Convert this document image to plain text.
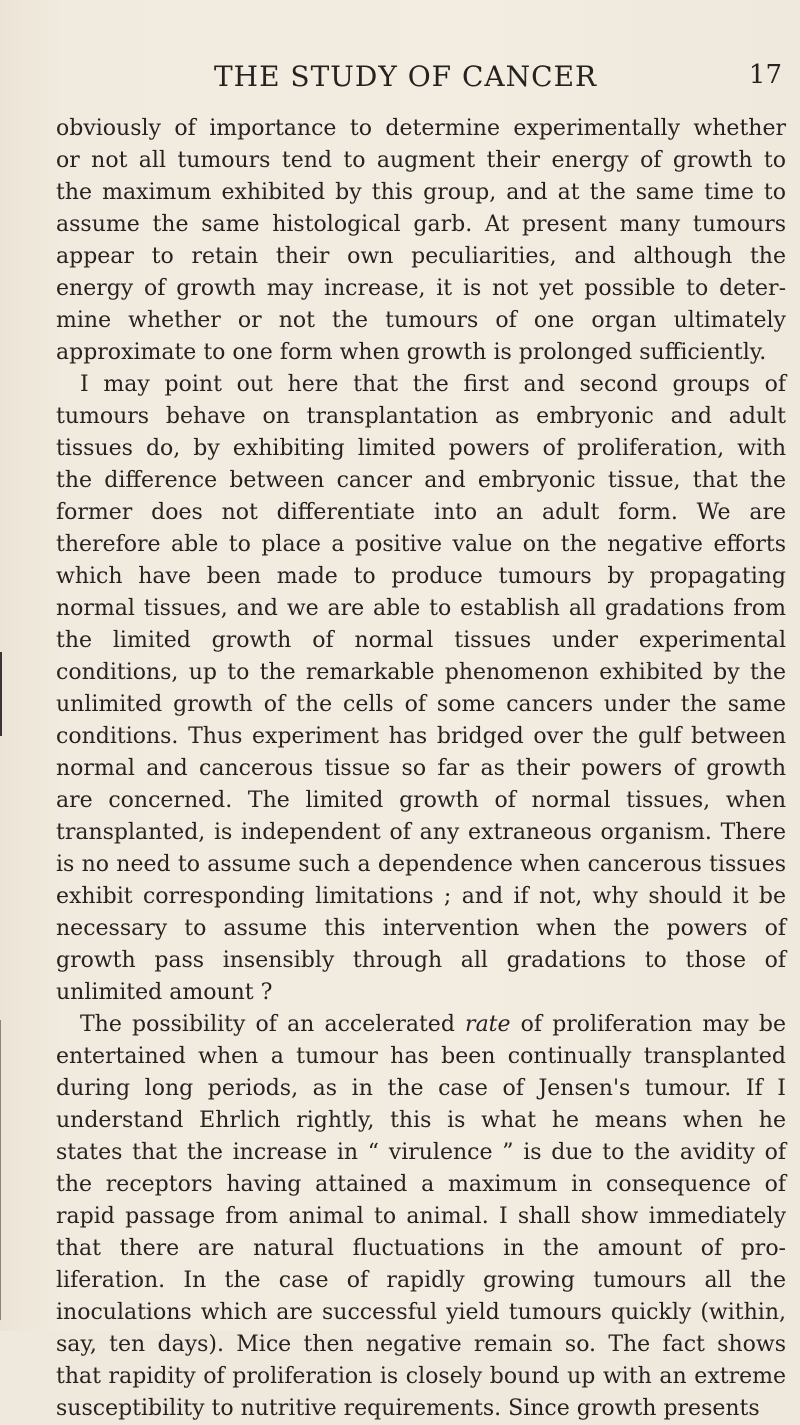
THE STUDY OF CANCER	17
obviously of importance to determine experimentally whether
or not all tumours tend to augment their energy of growth to
the maximum exhibited by this group, and at the same time to
assume the same histological garb. At present many tumours
appear to retain their own peculiarities, and although the
energy of growth may increase, it is not yet possible to deter-
mine whether or not the tumours of one organ ultimately
approximate to one form when growth is prolonged sufficiently.
I may point out here that the first and second groups of
tumours behave on transplantation as embryonic and adult
tissues do, by exhibiting limited powers of proliferation, with
the difference between cancer and embryonic tissue, that the
former does not differentiate into an adult form. We are
therefore able to place a positive value on the negative efforts
which have been made to produce tumours by propagating
normal tissues, and we are able to establish all gradations from
the limited growth of normal tissues under experimental
conditions, up to the remarkable phenomenon exhibited by the
unlimited growth of the cells of some cancers under the same
conditions. Thus experiment has bridged over the gulf between
normal and cancerous tissue so far as their powers of growth
are concerned. The limited growth of normal tissues, when
transplanted, is independent of any extraneous organism. There
is no need to assume such a dependence when cancerous tissues
exhibit corresponding limitations ; and if not, why should it be
necessary to assume this intervention when the powers of
growth pass insensibly through all gradations to those of
unlimited amount ?
The possibility of an accelerated rate of proliferation may be
entertained when a tumour has been continually transplanted
during long periods, as in the case of Jensen's tumour. If I
understand Ehrlich rightly, this is what he means when he
states that the increase in “ virulence ” is due to the avidity of
the receptors having attained a maximum in consequence of
rapid passage from animal to animal. I shall show immediately
that there are natural fluctuations in the amount of pro-
liferation. In the case of rapidly growing tumours all the
inoculations which are successful yield tumours quickly (within,
say, ten days). Mice then negative remain so. The fact shows
that rapidity of proliferation is closely bound up with an extreme
susceptibility to nutritive requirements. Since growth presents
